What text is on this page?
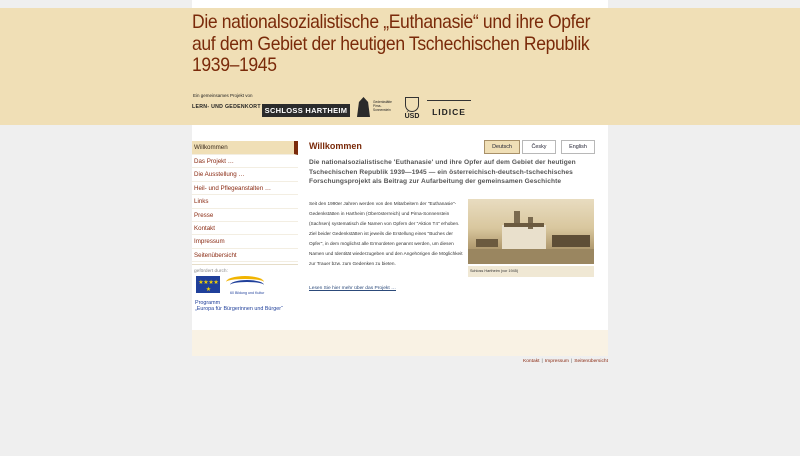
Die nationalsozialistische „Euthanasie“ und ihre Opfer
auf dem Gebiet der heutigen Tschechischen Republik
1939–1945
Ein gemeinsames Projekt von
LERN- UND GEDENKORT SCHLOSS HARTHEIM
Gedenkstätte Pirna-Sonnenstein
ÚSD	LIDICE
Willkommen
Das Projekt …
Die Ausstellung …
Heil- und Pflegeanstalten …
Links
Presse
Kontakt
Impressum
Seitenübersicht
gefördert durch:
★ ★ ★ ★ ★	60 Bildung und Kultur
Programm
„Europa für Bürgerinnen und Bürger“
Willkommen	Deutsch	Česky	English

Die nationalsozialistische 'Euthanasie' und ihre Opfer auf dem Gebiet der heutigen Tschechischen Republik 1939—1945 — ein österreichisch-deutsch-tschechisches Forschungsprojekt als Beitrag zur Aufarbeitung der gemeinsamen Geschichte

Seit den 1990er Jahren werden von den Mitarbeitern der "Euthanasie"-Gedenkstätten in Hartheim (Oberösterreich) und Pirna-Sonnenstein (Sachsen) systematisch die Namen von Opfern der "Aktion T4" erhoben. Ziel beider Gedenkstätten ist jeweils die Erstellung eines "Buches der Opfer", in dem möglichst alle Ermordeten genannt werden, um diesen Namen und Identität wiederzugeben und den Angehörigen die Möglichkeit zur Trauer bzw. zum Gedenken zu bieten.

Schloss Hartheim (vor 1945)
Lesen Sie hier mehr über das Projekt …
Kontakt | Impressum | Seitenübersicht
